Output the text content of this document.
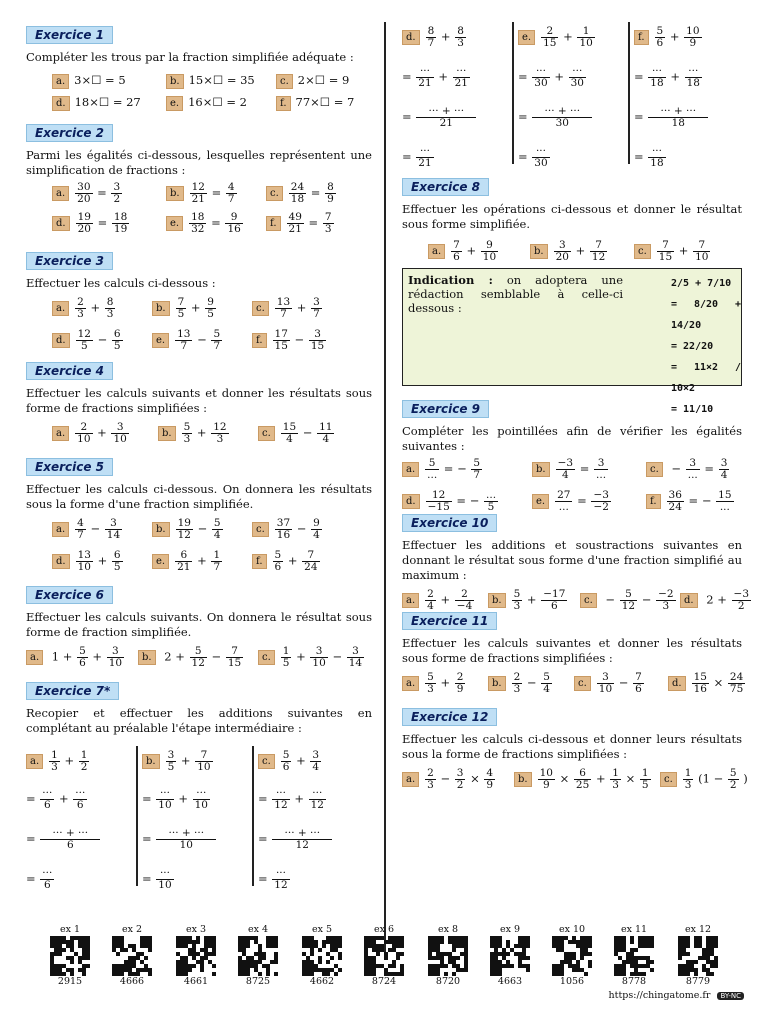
Exercice 1
Compléter les trous par la fraction simplifiée adéquate :
a. 3×☐ = 5	b. 15×☐ = 35	c. 2×☐ = 9
d. 18×☐ = 27	e. 16×☐ = 2	f. 77×☐ = 7
Exercice 2
Parmi les égalités ci-dessous, lesquelles représentent une simplification de fractions :
a. $\frac{30}{20} = \frac{3}{2}$	b. $\frac{12}{21} = \frac{4}{7}$	c. $\frac{24}{18} = \frac{8}{9}$
d. $\frac{19}{20} = \frac{18}{19}$	e. $\frac{18}{32} = \frac{9}{16}$	f. $\frac{49}{21} = \frac{7}{3}$
Exercice 3
Effectuer les calculs ci-dessous :
a. $\frac{2}{3} + \frac{8}{3}$	b. $\frac{7}{5} + \frac{9}{5}$	c. $\frac{13}{7} + \frac{3}{7}$
d. $\frac{12}{5} - \frac{6}{5}$	e. $\frac{13}{7} - \frac{5}{7}$	f. $\frac{17}{15} - \frac{3}{15}$
Exercice 4
Effectuer les calculs suivants et donner les résultats sous forme de fractions simplifiées :
a. $\frac{2}{10} + \frac{3}{10}$	b. $\frac{5}{3} + \frac{12}{3}$	c. $\frac{15}{4} - \frac{11}{4}$
Exercice 5
Effectuer les calculs ci-dessous. On donnera les résultats sous la forme d'une fraction simplifiée.
a. $\frac{4}{7} - \frac{3}{14}$	b. $\frac{19}{12} - \frac{5}{4}$	c. $\frac{37}{16} - \frac{9}{4}$
d. $\frac{13}{10} + \frac{6}{5}$	e. $\frac{6}{21} + \frac{1}{7}$	f. $\frac{5}{6} + \frac{7}{24}$
Exercice 6
Effectuer les calculs suivants. On donnera le résultat sous forme de fraction simplifiée.
a. $1 + \frac{5}{6} + \frac{3}{10}$	b. $2 + \frac{5}{12} - \frac{7}{15}$	c. $\frac{1}{5} + \frac{3}{10} - \frac{3}{14}$
Exercice 7*
Recopier et effectuer les additions suivantes en complétant au préalable l'étape intermédiaire :
a. $\frac{1}{3} + \frac{1}{2}$
= $\frac{\cdot\cdot\cdot}{6} + \frac{\cdot\cdot\cdot}{6}$
= $\frac{\cdot\cdot\cdot + \cdot\cdot\cdot}{6}$
= $\frac{\cdot\cdot\cdot}{6}$
b. $\frac{3}{5} + \frac{7}{10}$
= $\frac{\cdot\cdot\cdot}{10} + \frac{\cdot\cdot\cdot}{10}$
= $\frac{\cdot\cdot\cdot + \cdot\cdot\cdot}{10}$
= $\frac{\cdot\cdot\cdot}{10}$
c. $\frac{5}{6} + \frac{3}{4}$
= $\frac{\cdot\cdot\cdot}{12} + \frac{\cdot\cdot\cdot}{12}$
= $\frac{\cdot\cdot\cdot + \cdot\cdot\cdot}{12}$
= $\frac{\cdot\cdot\cdot}{12}$
d. $\frac{8}{7} + \frac{8}{3}$
= $\frac{\cdot\cdot\cdot}{21} + \frac{\cdot\cdot\cdot}{21}$
= $\frac{\cdot\cdot\cdot + \cdot\cdot\cdot}{21}$
= $\frac{\cdot\cdot\cdot}{21}$
e. $\frac{2}{15} + \frac{1}{10}$
= $\frac{\cdot\cdot\cdot}{30} + \frac{\cdot\cdot\cdot}{30}$
= $\frac{\cdot\cdot\cdot + \cdot\cdot\cdot}{30}$
= $\frac{\cdot\cdot\cdot}{30}$
f. $\frac{5}{6} + \frac{10}{9}$
= $\frac{\cdot\cdot\cdot}{18} + \frac{\cdot\cdot\cdot}{18}$
= $\frac{\cdot\cdot\cdot + \cdot\cdot\cdot}{18}$
= $\frac{\cdot\cdot\cdot}{18}$
Exercice 8
Effectuer les opérations ci-dessous et donner le résultat sous forme simplifiée.
a. $\frac{7}{6} + \frac{9}{10}$	b. $\frac{3}{20} + \frac{7}{12}$	c. $\frac{7}{15} + \frac{7}{10}$
Indication : on adoptera une rédaction semblable à celle-ci dessous :
2/5 + 7/10
= 8/20 + 14/20
= 22/20
= 11×2 / 10×2
= 11/10
Exercice 9
Compléter les pointillées afin de vérifier les égalités suivantes :
a. $\frac{5}{...}$ = − $\frac{5}{7}$	b. $\frac{-3}{4} = \frac{3}{...}$	c. − $\frac{3}{...} = \frac{3}{4}$
d. $\frac{12}{-15}$ = − $\frac{...}{5}$	e. $\frac{27}{...} = \frac{-3}{-2}$	f. $\frac{36}{24}$ = − $\frac{15}{...}$
Exercice 10
Effectuer les additions et soustractions suivantes en donnant le résultat sous forme d'une fraction simplifié au maximum :
a. $\frac{2}{4} + \frac{2}{-4}$	b. $\frac{5}{3} + \frac{-17}{6}$	c. − $\frac{5}{12} - \frac{-2}{3} d$. $2 + \frac{-3}{2}$
Exercice 11
Effectuer les calculs suivantes et donner les résultats sous forme de fractions simplifiées :
a. $\frac{5}{3} + \frac{2}{9}$	b. $\frac{2}{3} - \frac{5}{4}$	c. $\frac{3}{10} - \frac{7}{6}$	d. $\frac{15}{16} \times \frac{24}{75}$
Exercice 12
Effectuer les calculs ci-dessous et donner leurs résultats sous la forme de fractions simplifiées :
a. $\frac{2}{3} - \frac{3}{2} \times \frac{4}{9}$	b. $\frac{10}{9} \times \frac{6}{25} + \frac{1}{3} \times \frac{1}{5}$	c. $\frac{1}{3} (1 - \frac{5}{2}$ )
ex 1
2915
ex 2
4666
ex 3
4661
ex 4
8725
ex 5
4662
ex 6
8724
ex 8
8720
ex 9
4663
ex 10
1056
ex 11
8778
ex 12
8779
https://chingatome.fr BY-NC
